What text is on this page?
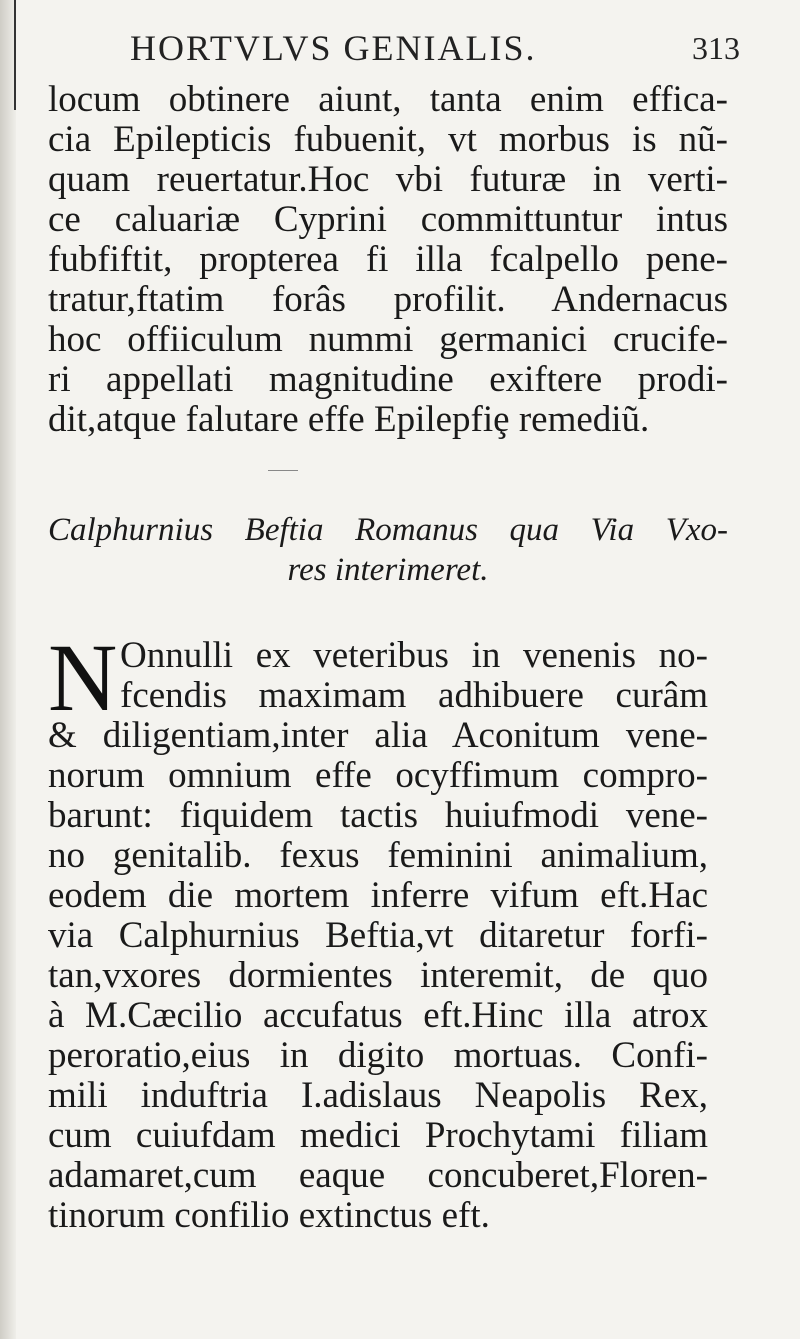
HORTVLVS GENIALIS.	313
locum obtinere aiunt, tanta enim effica-
cia Epilepticis fubuenit, vt morbus is nũ-
quam reuertatur.Hoc vbi futuræ in verti-
ce caluariæ Cyprini committuntur intus
fubfiftit, propterea fi illa fcalpello pene-
tratur,ftatim forâs profilit. Andernacus
hoc offiiculum nummi germanici crucife-
ri appellati magnitudine exiftere prodi-
dit,atque falutare effe Epilepfiȩ remediũ.
Calphurnius Beftia Romanus qua Via Vxo-
res interimeret.
N Onnulli ex veteribus in venenis no-
fcendis maximam adhibuere curâm
& diligentiam,inter alia Aconitum vene-
norum omnium effe ocyffimum compro-
barunt: fiquidem tactis huiufmodi vene-
no genitalib. fexus feminini animalium,
eodem die mortem inferre vifum eft.Hac
via Calphurnius Beftia,vt ditaretur forfi-
tan,vxores dormientes interemit, de quo
à M.Cæcilio accufatus eft.Hinc illa atrox
peroratio,eius in digito mortuas. Confi-
mili induftria I.adislaus Neapolis Rex,
cum cuiufdam medici Prochytami filiam
adamaret,cum eaque concuberet,Floren-
tinorum confilio extinctus eft.
